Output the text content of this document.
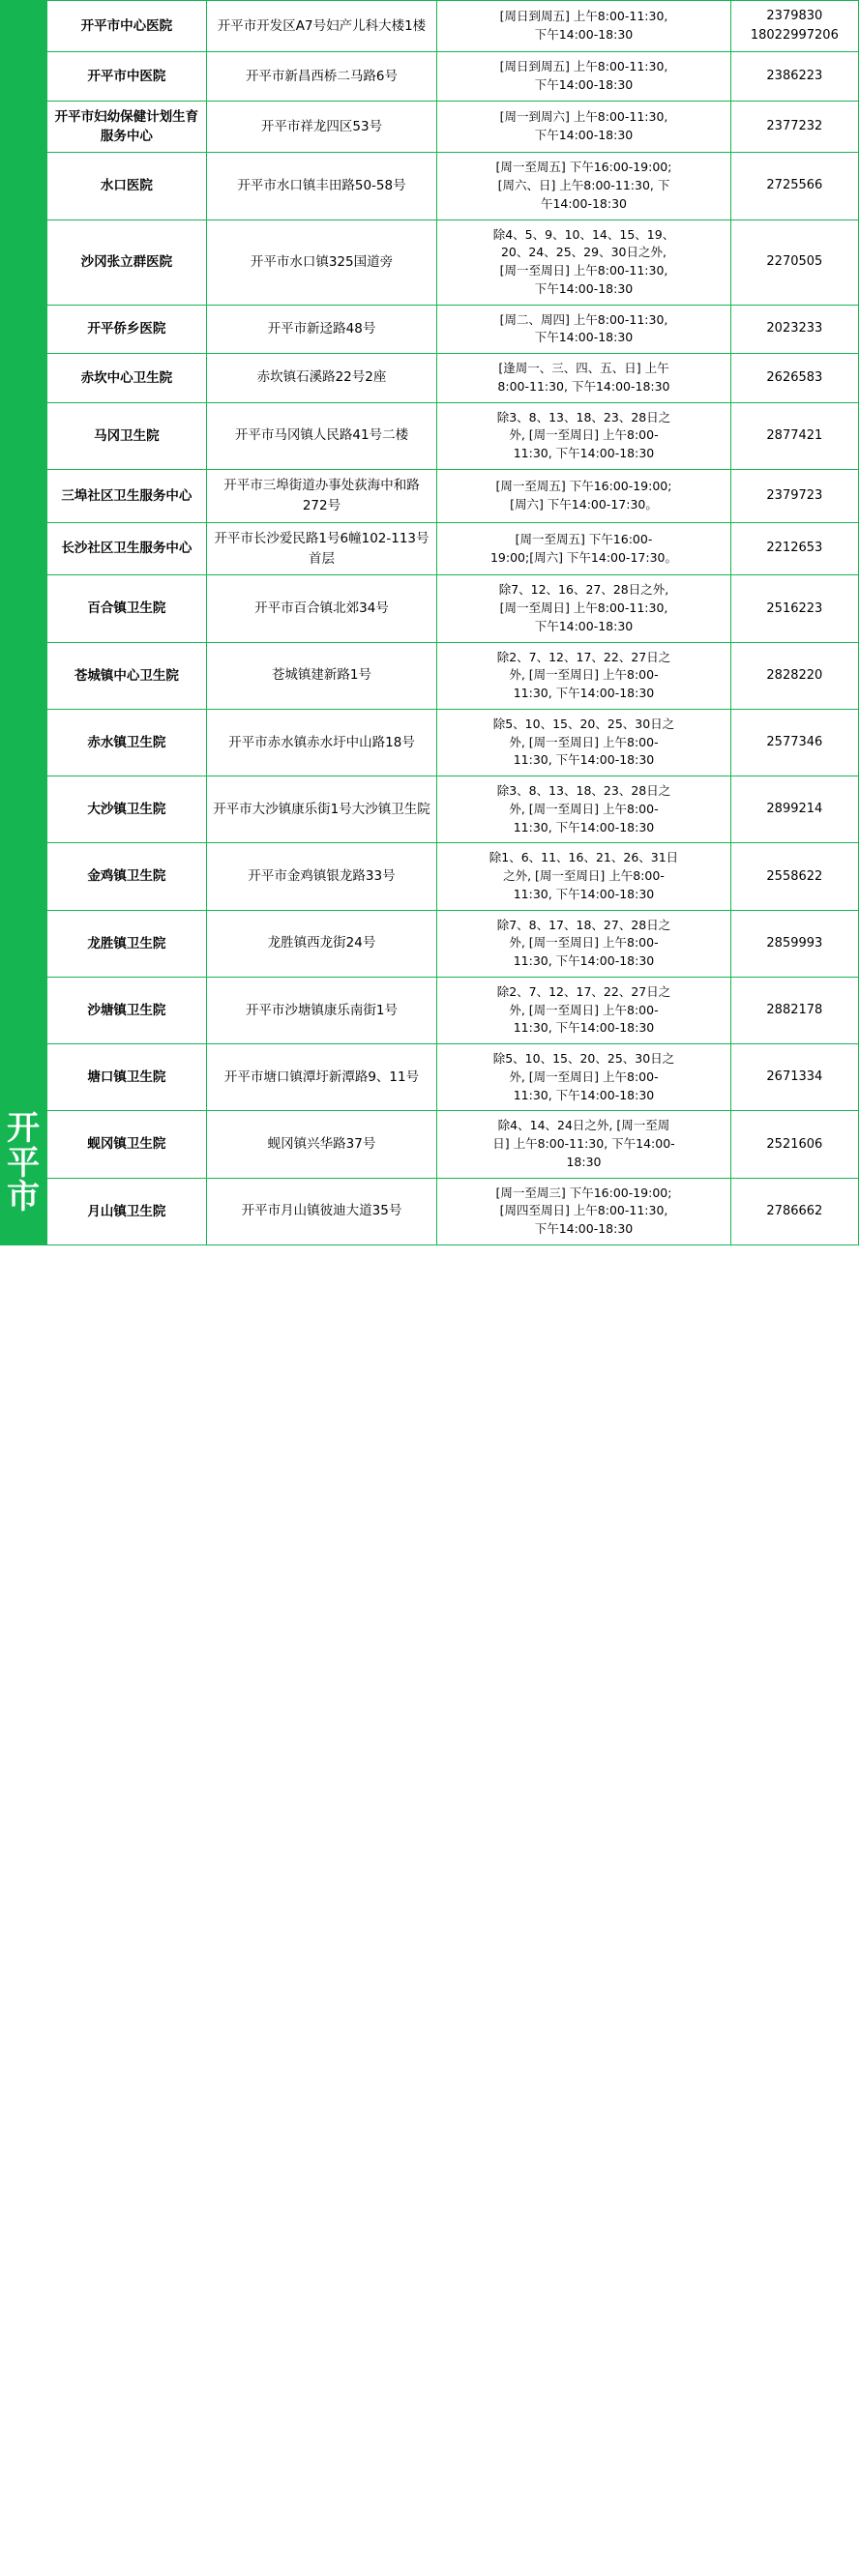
开
平
市
开平市中心医院	开平市开发区A7号妇产儿科大楼1楼	[周日到周五] 上午8:00-11:30,
下午14:00-18:30	2379830
18022997206

开平市中医院	开平市新昌西桥二马路6号	[周日到周五] 上午8:00-11:30,
下午14:00-18:30	2386223

开平市妇幼保健计划生育服务中心	开平市祥龙四区53号	[周一到周六] 上午8:00-11:30,
下午14:00-18:30	2377232

水口医院	开平市水口镇丰田路50-58号	[周一至周五] 下午16:00-19:00;
[周六、日] 上午8:00-11:30, 下
午14:00-18:30	2725566

沙冈张立群医院	开平市水口镇325国道旁	除4、5、9、10、14、15、19、
20、24、25、29、30日之外,
[周一至周日] 上午8:00-11:30,
下午14:00-18:30	2270505

开平侨乡医院	开平市新迳路48号	[周二、周四] 上午8:00-11:30,
下午14:00-18:30	2023233

赤坎中心卫生院	赤坎镇石溪路22号2座	[逢周一、三、四、五、日] 上午
8:00-11:30, 下午14:00-18:30	2626583

马冈卫生院	开平市马冈镇人民路41号二楼	除3、8、13、18、23、28日之
外, [周一至周日] 上午8:00-
11:30, 下午14:00-18:30	2877421

三埠社区卫生服务中心	开平市三埠街道办事处荻海中和路272号	[周一至周五] 下午16:00-19:00;
[周六] 下午14:00-17:30。	2379723

长沙社区卫生服务中心	开平市长沙爱民路1号6幢102-113号首层	[周一至周五] 下午16:00-
19:00;[周六] 下午14:00-17:30。	2212653

百合镇卫生院	开平市百合镇北郊34号	除7、12、16、27、28日之外,
[周一至周日] 上午8:00-11:30,
下午14:00-18:30	2516223

苍城镇中心卫生院	苍城镇建新路1号	除2、7、12、17、22、27日之
外, [周一至周日] 上午8:00-
11:30, 下午14:00-18:30	2828220

赤水镇卫生院	开平市赤水镇赤水圩中山路18号	除5、10、15、20、25、30日之
外, [周一至周日] 上午8:00-
11:30, 下午14:00-18:30	2577346

大沙镇卫生院	开平市大沙镇康乐街1号大沙镇卫生院	除3、8、13、18、23、28日之
外, [周一至周日] 上午8:00-
11:30, 下午14:00-18:30	2899214

金鸡镇卫生院	开平市金鸡镇银龙路33号	除1、6、11、16、21、26、31日
之外, [周一至周日] 上午8:00-
11:30, 下午14:00-18:30	2558622

龙胜镇卫生院	龙胜镇西龙街24号	除7、8、17、18、27、28日之
外, [周一至周日] 上午8:00-
11:30, 下午14:00-18:30	2859993

沙塘镇卫生院	开平市沙塘镇康乐南街1号	除2、7、12、17、22、27日之
外, [周一至周日] 上午8:00-
11:30, 下午14:00-18:30	2882178

塘口镇卫生院	开平市塘口镇潭圩新潭路9、11号	除5、10、15、20、25、30日之
外, [周一至周日] 上午8:00-
11:30, 下午14:00-18:30	2671334

蚬冈镇卫生院	蚬冈镇兴华路37号	除4、14、24日之外, [周一至周
日] 上午8:00-11:30, 下午14:00-
18:30	2521606

月山镇卫生院	开平市月山镇彼迪大道35号	[周一至周三] 下午16:00-19:00;
[周四至周日] 上午8:00-11:30,
下午14:00-18:30	2786662
